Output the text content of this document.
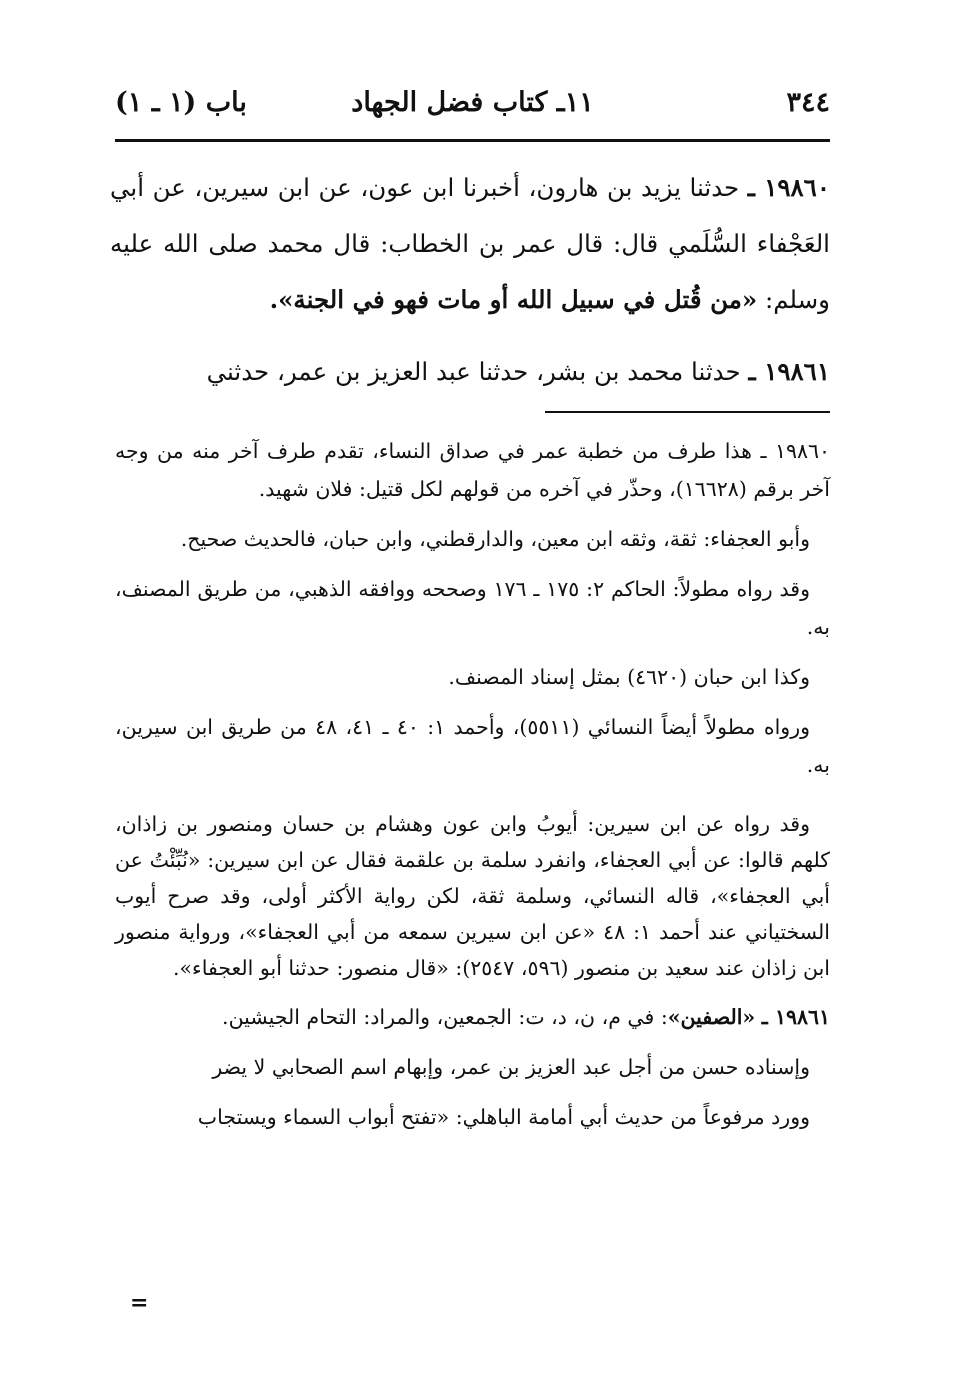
٣٤٤
١١ـ كتاب فضل الجهاد
باب (١ ـ ١)

١٩٨٦٠ ـ حدثنا يزيد بن هارون، أخبرنا ابن عون، عن ابن سيرين، عن أبي العَجْفاء السُّلَمي قال: قال عمر بن الخطاب: قال محمد صلى الله عليه وسلم: «من قُتل في سبيل الله أو مات فهو في الجنة».

١٩٨٦١ ـ حدثنا محمد بن بشر، حدثنا عبد العزيز بن عمر، حدثني

١٩٨٦٠ ـ هذا طرف من خطبة عمر في صداق النساء، تقدم طرف آخر منه من وجه آخر برقم (١٦٦٢٨)، وحذّر في آخره من قولهم لكل قتيل: فلان شهيد.

وأبو العجفاء: ثقة، وثقه ابن معين، والدارقطني، وابن حبان، فالحديث صحيح.

وقد رواه مطولاً: الحاكم ٢: ١٧٥ ـ ١٧٦ وصححه ووافقه الذهبي، من طريق المصنف، به.

وكذا ابن حبان (٤٦٢٠) بمثل إسناد المصنف.

ورواه مطولاً أيضاً النسائي (٥٥١١)، وأحمد ١: ٤٠ ـ ٤١، ٤٨ من طريق ابن سيرين، به.

وقد رواه عن ابن سيرين: أيوبُ وابن عون وهشام بن حسان ومنصور بن زاذان، كلهم قالوا: عن أبي العجفاء، وانفرد سلمة بن علقمة فقال عن ابن سيرين: «نُبِّئْتُ عن أبي العجفاء»، قاله النسائي، وسلمة ثقة، لكن رواية الأكثر أولى، وقد صرح أيوب السختياني عند أحمد ١: ٤٨ «عن ابن سيرين سمعه من أبي العجفاء»، ورواية منصور ابن زاذان عند سعيد بن منصور (٥٩٦، ٢٥٤٧): «قال منصور: حدثنا أبو العجفاء».

١٩٨٦١ ـ «الصفين»: في م، ن، د، ت: الجمعين، والمراد: التحام الجيشين.

وإسناده حسن من أجل عبد العزيز بن عمر، وإبهام اسم الصحابي لا يضر

وورد مرفوعاً من حديث أبي أمامة الباهلي: «تفتح أبواب السماء ويستجاب

=
